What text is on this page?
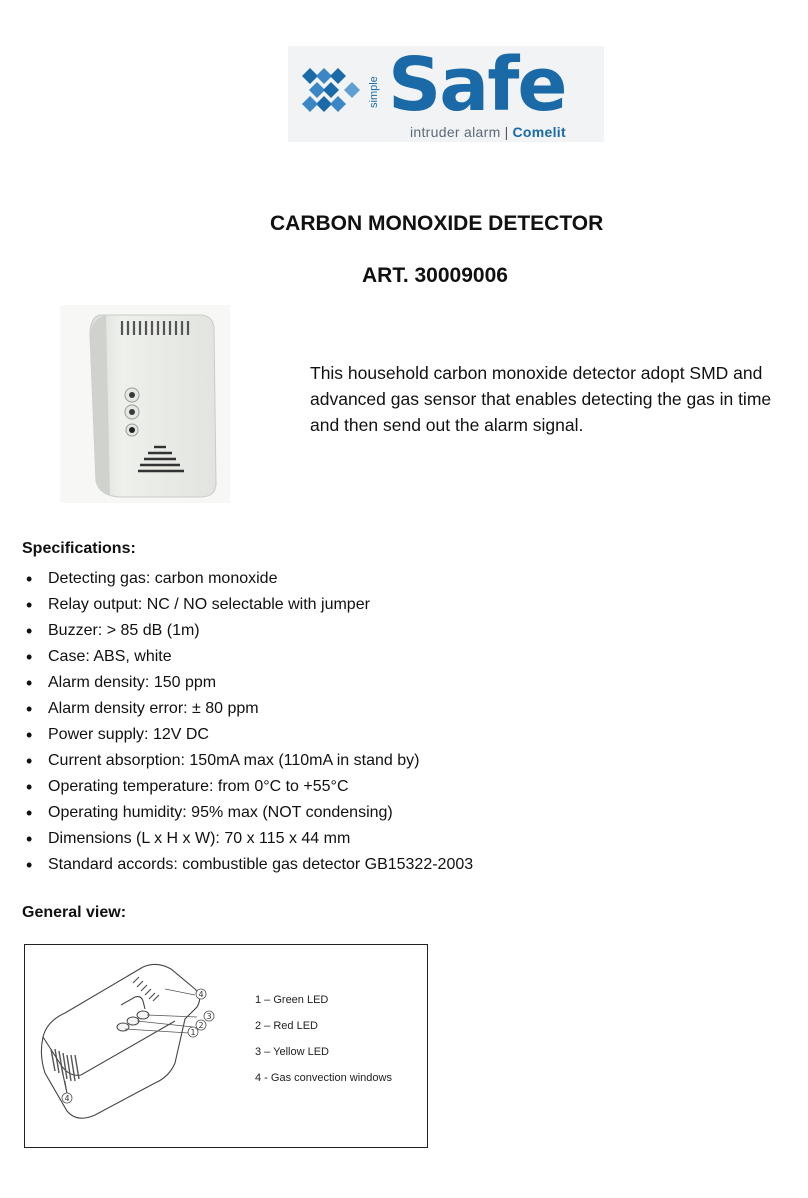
simple Safe
intruder alarm | Comelit
CARBON MONOXIDE DETECTOR
ART. 30009006
This household carbon monoxide detector adopt SMD and advanced gas sensor that enables detecting the gas in time and then send out the alarm signal.
Specifications:
• Detecting gas: carbon monoxide
• Relay output: NC / NO selectable with jumper
• Buzzer: > 85 dB (1m)
• Case: ABS, white
• Alarm density: 150 ppm
• Alarm density error: ± 80 ppm
• Power supply: 12V DC
• Current absorption: 150mA max (110mA in stand by)
• Operating temperature: from 0°C to +55°C
• Operating humidity: 95% max (NOT condensing)
• Dimensions (L x H x W): 70 x 115 x 44 mm
• Standard accords: combustible gas detector GB15322-2003
General view:
4
3
2
1
4
1 – Green LED
2 – Red LED
3 – Yellow LED
4 - Gas convection windows
